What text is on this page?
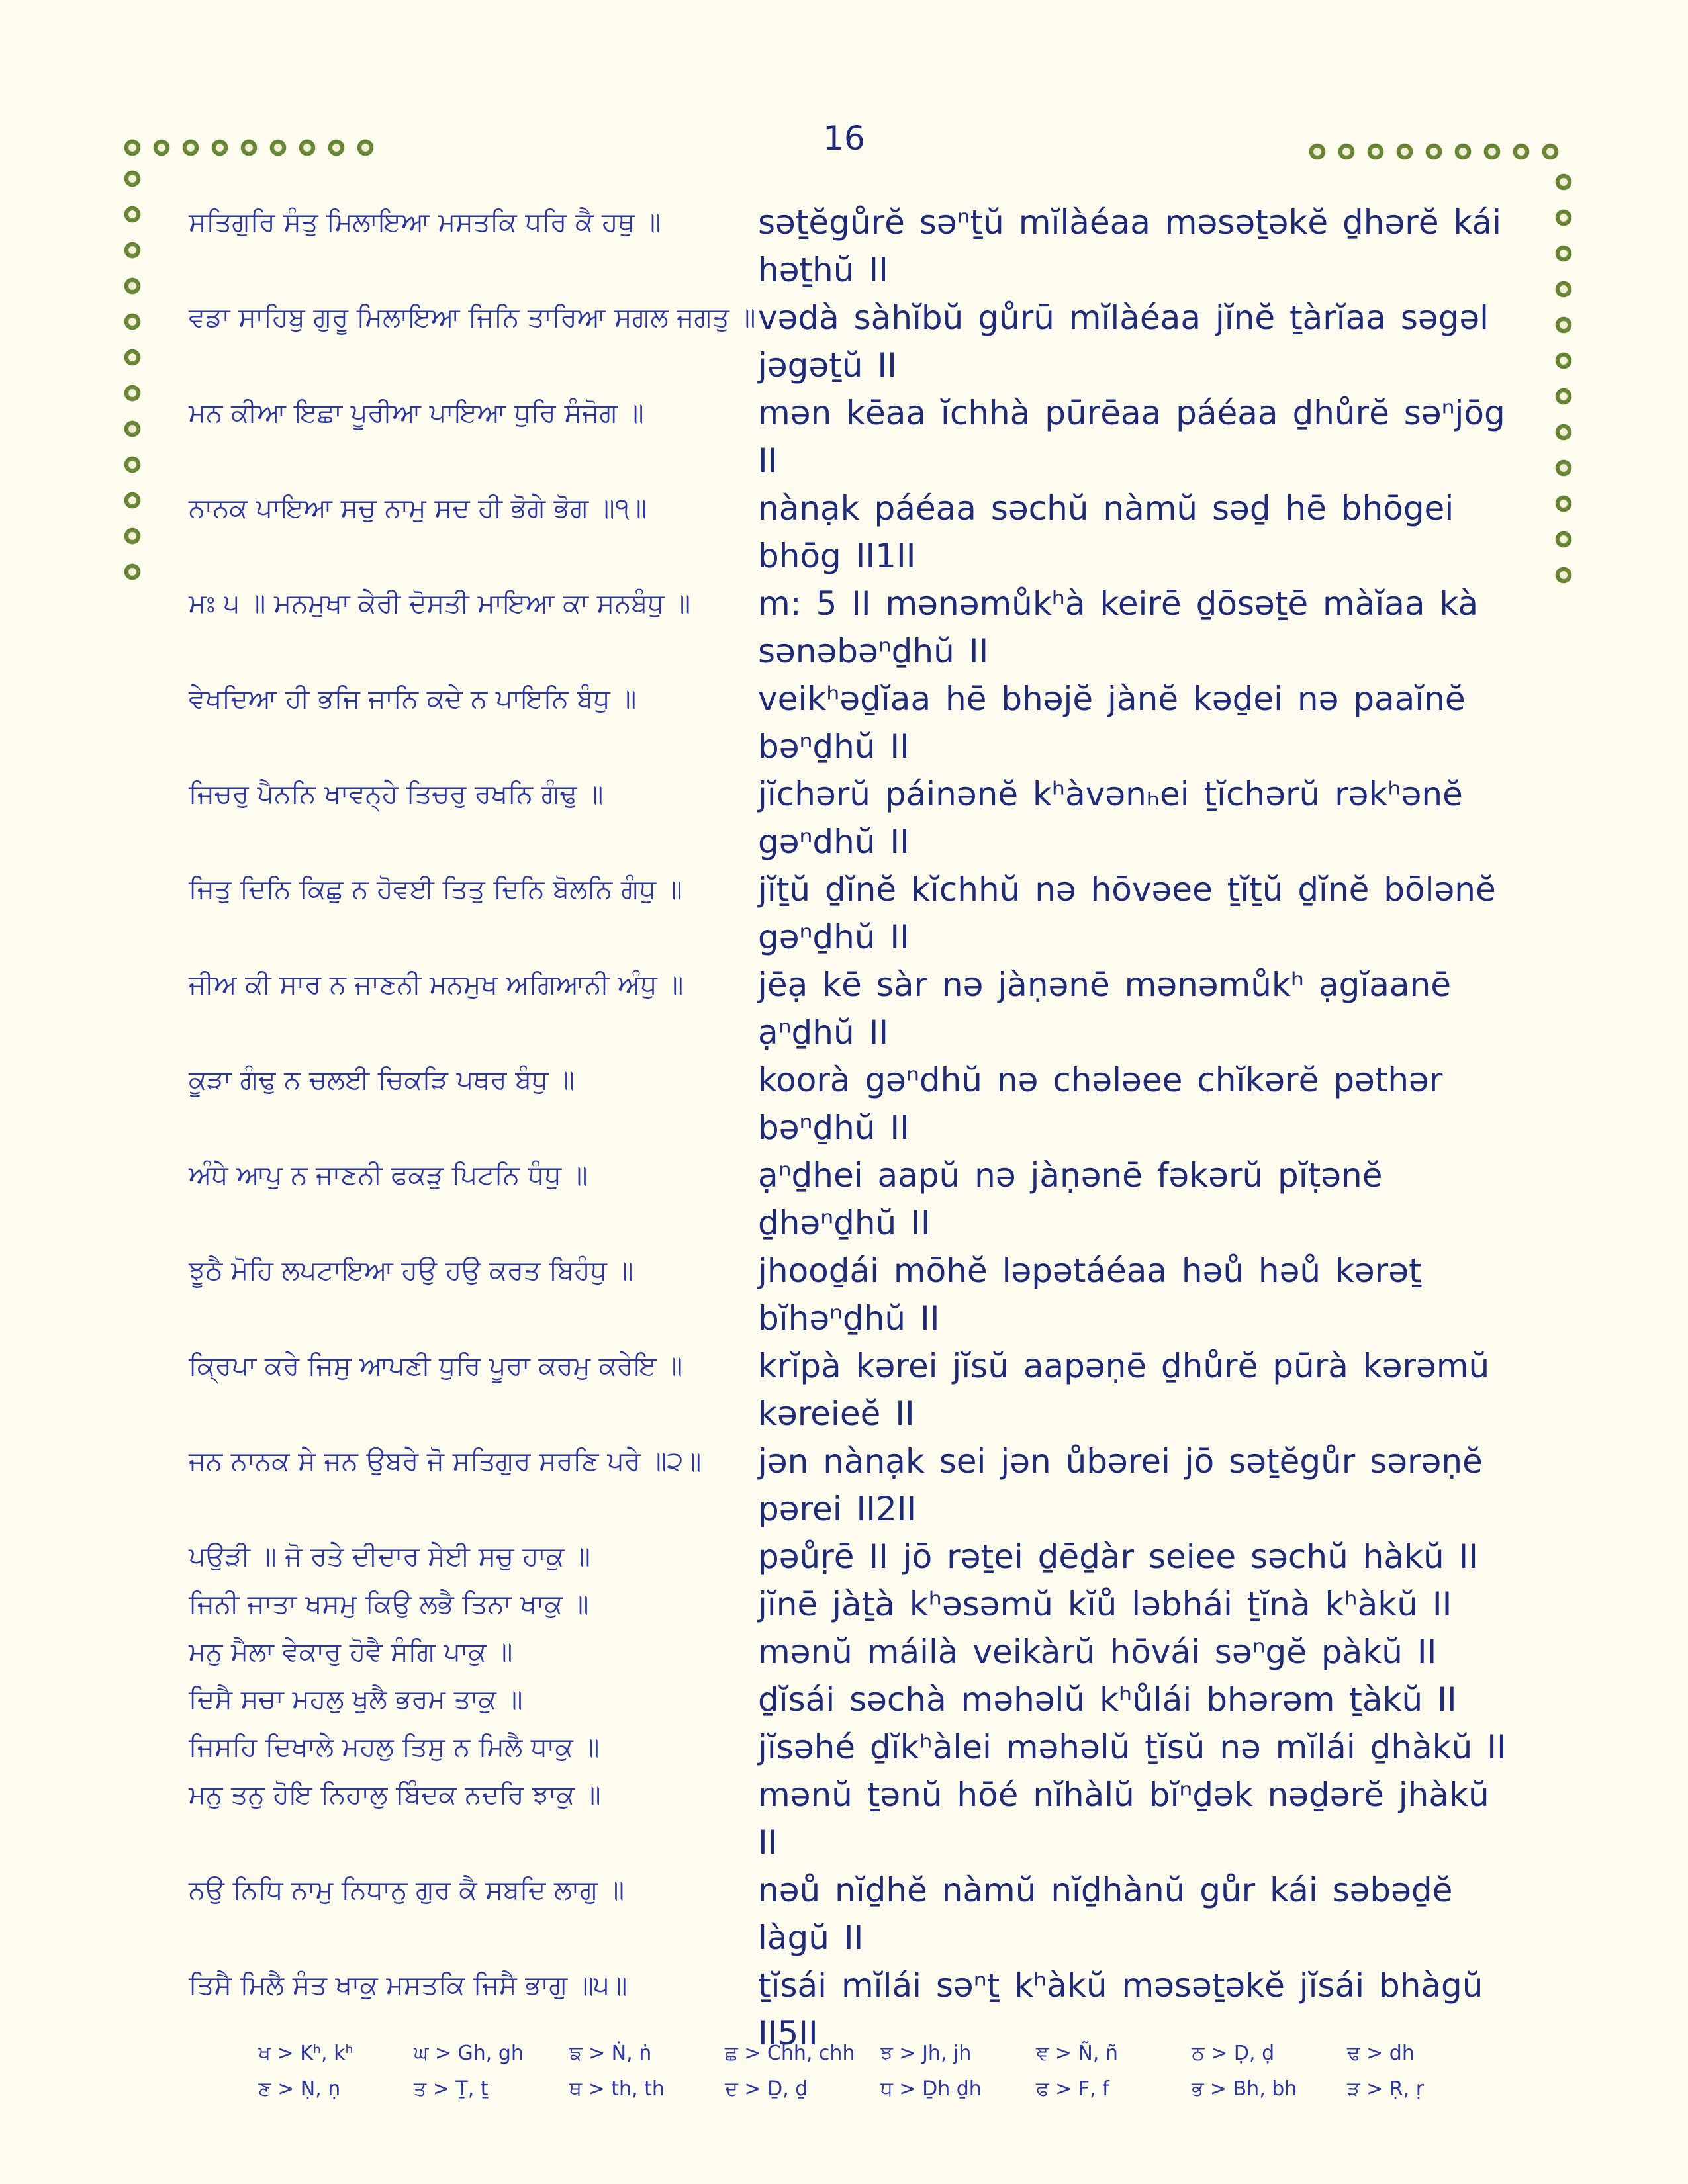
16
ਸਤਿਗੁਰਿ ਸੰਤੁ ਮਿਲਾਇਆ ਮਸਤਕਿ ਧਰਿ ਕੈ ਹਥੁ ॥	səṯĕgůrĕ səⁿṯŭ mĭlàéaa məsəṯəkĕ ḏhərĕ kái həṯhŭ II
ਵਡਾ ਸਾਹਿਬੁ ਗੁਰੂ ਮਿਲਾਇਆ ਜਿਨਿ ਤਾਰਿਆ ਸਗਲ ਜਗਤੁ ॥ vədà sàhĭbŭ gůrū mĭlàéaa jĭnĕ ṯàrĭaa səgəl jəgəṯŭ II
ਮਨ ਕੀਆ ਇਛਾ ਪੂਰੀਆ ਪਾਇਆ ਧੁਰਿ ਸੰਜੋਗ ॥	mən kēaa ĭchhà pūrēaa páéaa ḏhůrĕ səⁿjōg II
ਨਾਨਕ ਪਾਇਆ ਸਚੁ ਨਾਮੁ ਸਦ ਹੀ ਭੋਗੇ ਭੋਗ ॥੧॥	nànạk páéaa səchŭ nàmŭ səḏ hē bhōgei bhōg II1II
ਮਃ ੫ ॥ ਮਨਮੁਖਾ ਕੇਰੀ ਦੋਸਤੀ ਮਾਇਆ ਕਾ ਸਨਬੰਧੁ ॥	m: 5 II mənəmůkʰà keirē ḏōsəṯē màĭaa kà sənəbəⁿḏhŭ II
ਵੇਖਦਿਆ ਹੀ ਭਜਿ ਜਾਨਿ ਕਦੇ ਨ ਪਾਇਨਿ ਬੰਧੁ ॥	veikʰəḏĭaa hē bhəjĕ jànĕ kəḏei nə paaĭnĕ bəⁿḏhŭ II
ਜਿਚਰੁ ਪੈਨਨਿ ਖਾਵਨ੍ਹੇ ਤਿਚਰੁ ਰਖਨਿ ਗੰਢੁ ॥	jĭchərŭ páinənĕ kʰàvənₕei ṯĭchərŭ rəkʰənĕ gəⁿdhŭ II
ਜਿਤੁ ਦਿਨਿ ਕਿਛੁ ਨ ਹੋਵਈ ਤਿਤੁ ਦਿਨਿ ਬੋਲਨਿ ਗੰਧੁ ॥	jĭṯŭ ḏĭnĕ kĭchhŭ nə hōvəee ṯĭṯŭ ḏĭnĕ bōlənĕ gəⁿḏhŭ II
ਜੀਅ ਕੀ ਸਾਰ ਨ ਜਾਣਨੀ ਮਨਮੁਖ ਅਗਿਆਨੀ ਅੰਧੁ ॥	jēạ kē sàr nə jàṇənē mənəmůkʰ ạgĭaanē ạⁿḏhŭ II
ਕੂੜਾ ਗੰਢੁ ਨ ਚਲਈ ਚਿਕੜਿ ਪਥਰ ਬੰਧੁ ॥	koorà gəⁿdhŭ nə chələee chĭkərĕ pəthər bəⁿḏhŭ II
ਅੰਧੇ ਆਪੁ ਨ ਜਾਣਨੀ ਫਕੜੁ ਪਿਟਨਿ ਧੰਧੁ ॥	ạⁿḏhei aapŭ nə jàṇənē fəkərŭ pĭṭənĕ ḏhəⁿḏhŭ II
ਝੂਠੈ ਮੋਹਿ ਲਪਟਾਇਆ ਹਉ ਹਉ ਕਰਤ ਬਿਹੰਧੁ ॥	jhooḏái mōhĕ ləpətáéaa həů həů kərəṯ bĭhəⁿḏhŭ II
ਕ੍ਰਿਪਾ ਕਰੇ ਜਿਸੁ ਆਪਣੀ ਧੁਰਿ ਪੂਰਾ ਕਰਮੁ ਕਰੇਇ ॥	krĭpà kərei jĭsŭ aapəṇē ḏhůrĕ pūrà kərəmŭ kəreieĕ II
ਜਨ ਨਾਨਕ ਸੇ ਜਨ ਉਬਰੇ ਜੋ ਸਤਿਗੁਰ ਸਰਣਿ ਪਰੇ ॥੨॥	jən nànạk sei jən ůbərei jō səṯĕgůr sərəṇĕ pərei II2II
ਪਉੜੀ ॥ ਜੋ ਰਤੇ ਦੀਦਾਰ ਸੇਈ ਸਚੁ ਹਾਕੁ ॥	pəůṛē II jō rəṯei ḏēḏàr seiee səchŭ hàkŭ II
ਜਿਨੀ ਜਾਤਾ ਖਸਮੁ ਕਿਉ ਲਭੈ ਤਿਨਾ ਖਾਕੁ ॥	jĭnē jàṯà kʰəsəmŭ kĭů ləbhái ṯĭnà kʰàkŭ II
ਮਨੁ ਮੈਲਾ ਵੇਕਾਰੁ ਹੋਵੈ ਸੰਗਿ ਪਾਕੁ ॥	mənŭ máilà veikàrŭ hōvái səⁿgĕ pàkŭ II
ਦਿਸੈ ਸਚਾ ਮਹਲੁ ਖੁਲੈ ਭਰਮ ਤਾਕੁ ॥	ḏĭsái səchà məhəlŭ kʰůlái bhərəm ṯàkŭ II
ਜਿਸਹਿ ਦਿਖਾਲੇ ਮਹਲੁ ਤਿਸੁ ਨ ਮਿਲੈ ਧਾਕੁ ॥	jĭsəhé ḏĭkʰàlei məhəlŭ ṯĭsŭ nə mĭlái ḏhàkŭ II
ਮਨੁ ਤਨੁ ਹੋਇ ਨਿਹਾਲੁ ਬਿੰਦਕ ਨਦਰਿ ਝਾਕੁ ॥	mənŭ ṯənŭ hōé nĭhàlŭ bĭⁿḏək nəḏərĕ jhàkŭ II
ਨਉ ਨਿਧਿ ਨਾਮੁ ਨਿਧਾਨੁ ਗੁਰ ਕੈ ਸਬਦਿ ਲਾਗੁ ॥	nəů nĭḏhĕ nàmŭ nĭḏhànŭ gůr kái səbəḏĕ làgŭ II
ਤਿਸੈ ਮਿਲੈ ਸੰਤ ਖਾਕੁ ਮਸਤਕਿ ਜਿਸੈ ਭਾਗੁ ॥੫॥	ṯĭsái mĭlái səⁿṯ kʰàkŭ məsəṯəkĕ jĭsái bhàgŭ II5II
ਖ > Kʰ, kʰ	ਘ > Gh, gh	ਙ > Ṅ, ṅ	ਛ > Chh, chh	ਝ > Jh, jh	ਞ > Ñ, ñ	ਠ > Ḍ, ḍ	ਢ > dh
ਣ > Ṇ, ṇ	ਤ > Ṯ, ṯ	ਥ > th, th	ਦ > Ḏ, ḏ	ਧ > Ḏh ḏh	ਫ > F, f	ਭ > Bh, bh	ੜ > Ṛ, ṛ
